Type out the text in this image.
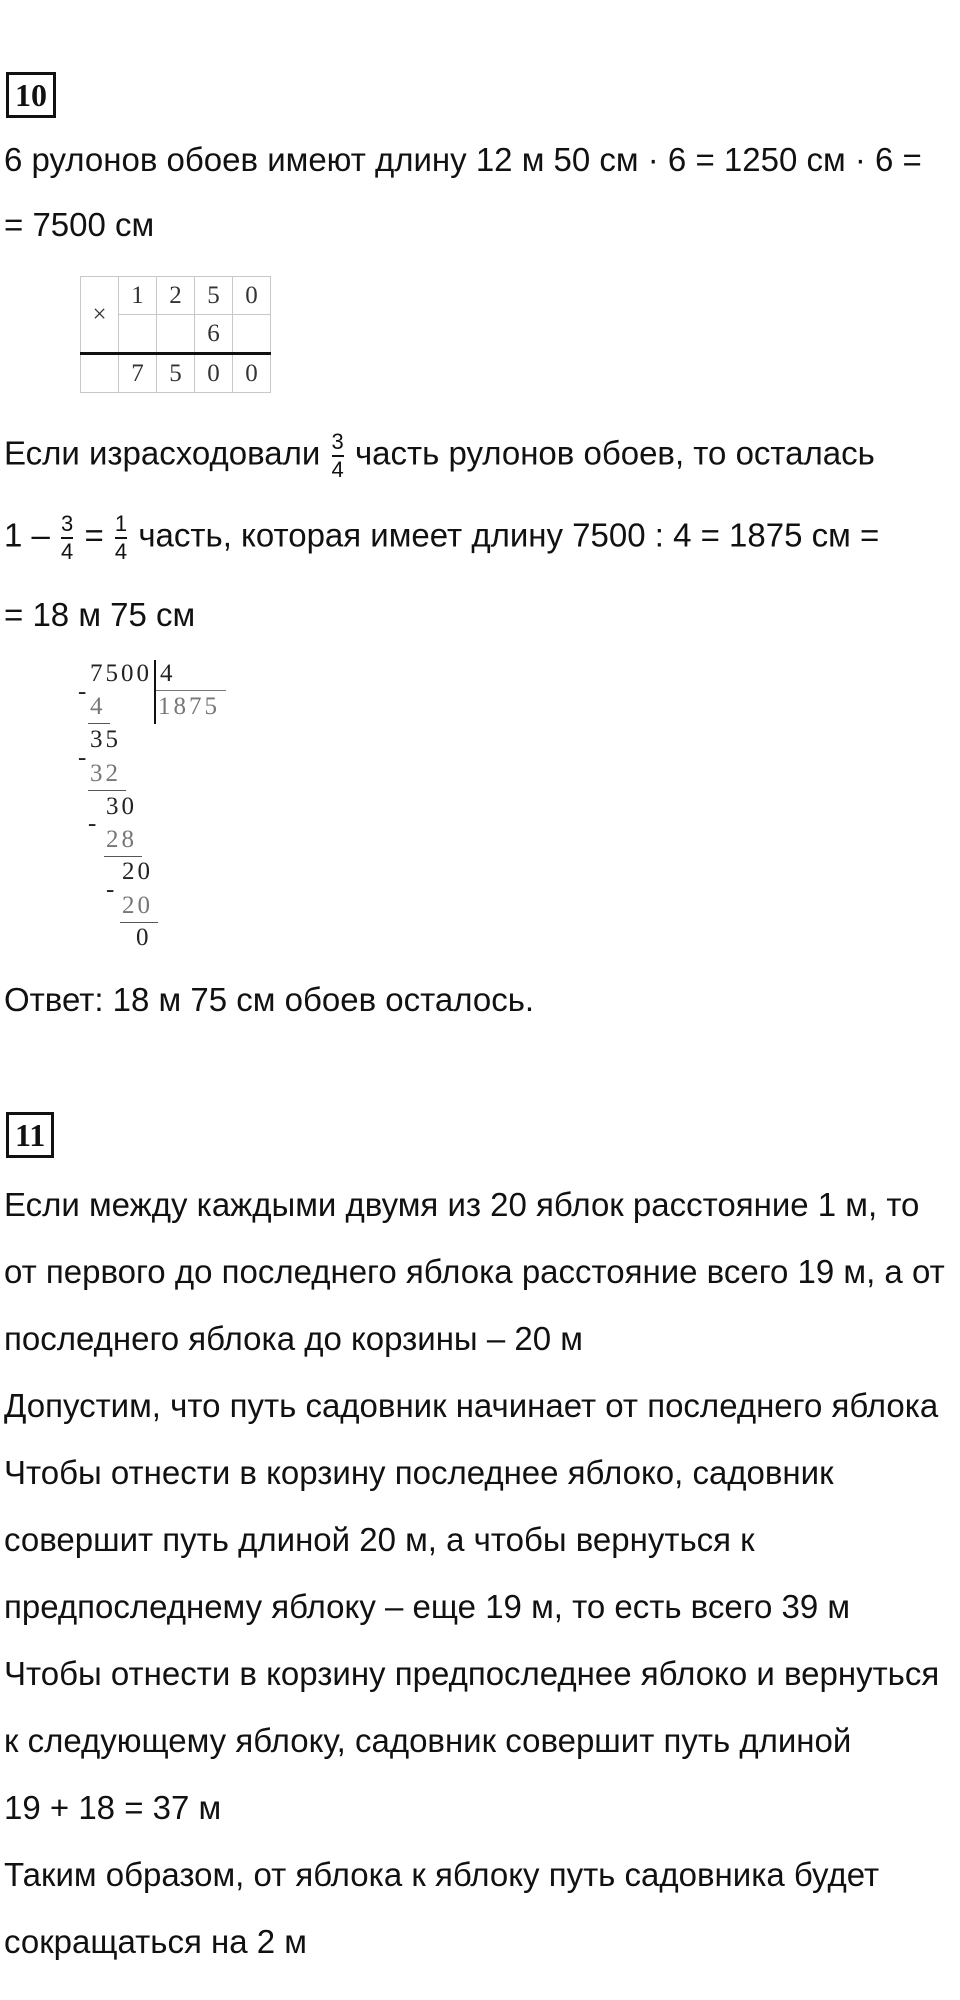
10
6 рулонов обоев имеют длину 12 м 50 см · 6 = 1250 см · 6 =
= 7500 см
×	1	2	5	0
			6	
	7	5	0	0
Если израсходовали $\frac{3}{4}$ часть рулонов обоев, то осталась
$1 - \frac{3}{4} = \frac{1}{4}$ часть, которая имеет длину 7500 : 4 = 1875 см =
= 18 м 75 см
7500 4
1875
-
4
35
-
32
30
-
28
20
-
20
0
Ответ: 18 м 75 см обоев осталось.
11
Если между каждыми двумя из 20 яблок расстояние 1 м, то
от первого до последнего яблока расстояние всего 19 м, а от
последнего яблока до корзины – 20 м
Допустим, что путь садовник начинает от последнего яблока
Чтобы отнести в корзину последнее яблоко, садовник
совершит путь длиной 20 м, а чтобы вернуться к
предпоследнему яблоку – еще 19 м, то есть всего 39 м
Чтобы отнести в корзину предпоследнее яблоко и вернуться
к следующему яблоку, садовник совершит путь длиной
19 + 18 = 37 м
Таким образом, от яблока к яблоку путь садовника будет
сокращаться на 2 м
